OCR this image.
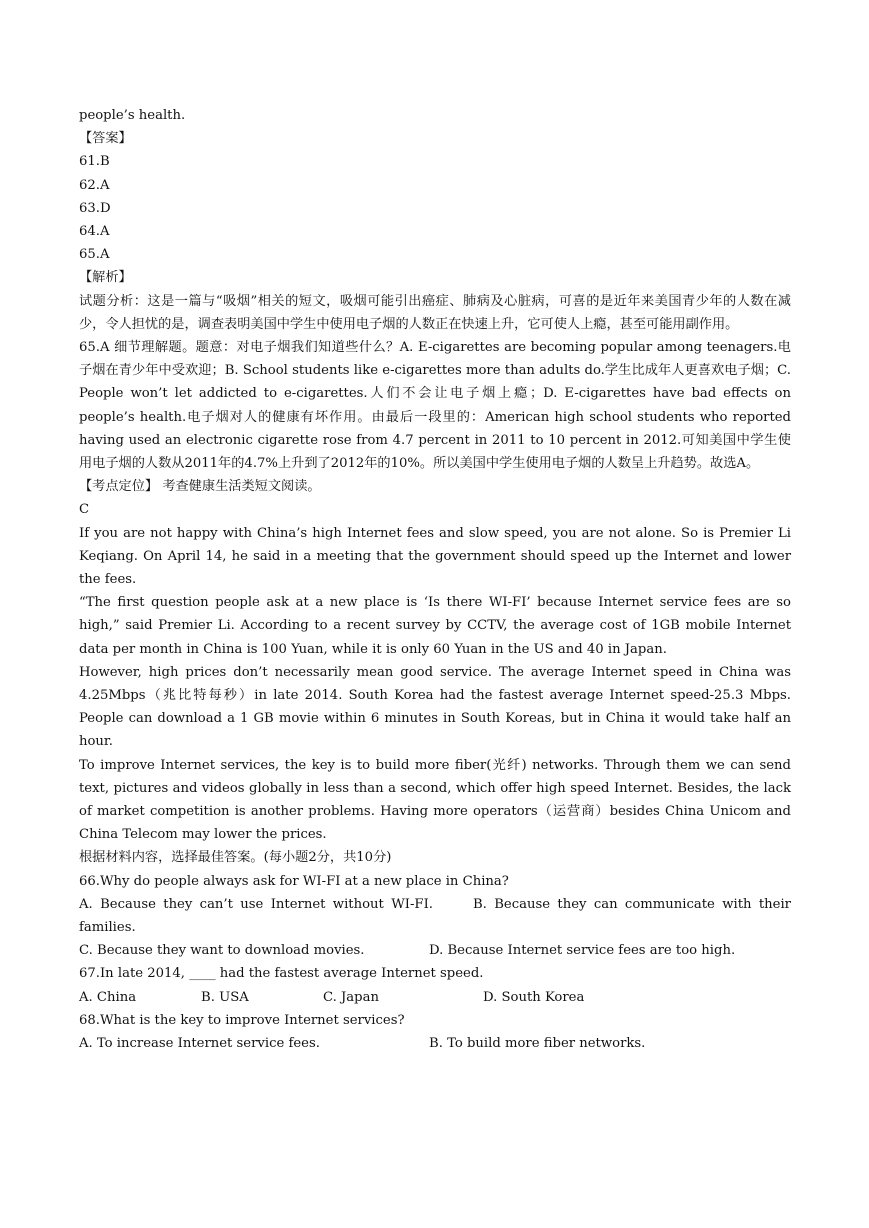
people’s health.
【答案】
61.B
62.A
63.D
64.A
65.A
【解析】
试题分析：这是一篇与“吸烟”相关的短文，吸烟可能引出癌症、肺病及心脏病，可喜的是近年来美国青少年的人数在减少，令人担忧的是，调查表明美国中学生中使用电子烟的人数正在快速上升，它可使人上瘾，甚至可能用副作用。
65.A 细节理解题。题意：对电子烟我们知道些什么？A. E-cigarettes are becoming popular among teenagers.电子烟在青少年中受欢迎；B. School students like e-cigarettes more than adults do.学生比成年人更喜欢电子烟；C. People won’t let addicted to e-cigarettes.人们不会让电子烟上瘾；D. E-cigarettes have bad effects on people’s health.电子烟对人的健康有坏作用。由最后一段里的：American high school students who reported having used an electronic cigarette rose from 4.7 percent in 2011 to 10 percent in 2012.可知美国中学生使用电子烟的人数从2011年的4.7%上升到了2012年的10%。所以美国中学生使用电子烟的人数呈上升趋势。故选A。
【考点定位】 考查健康生活类短文阅读。
C
If you are not happy with China’s high Internet fees and slow speed, you are not alone. So is Premier Li Keqiang. On April 14, he said in a meeting that the government should speed up the Internet and lower the fees.
“The first question people ask at a new place is ‘Is there WI-FI’ because Internet service fees are so high,” said Premier Li. According to a recent survey by CCTV, the average cost of 1GB mobile Internet data per month in China is 100 Yuan, while it is only 60 Yuan in the US and 40 in Japan.
However, high prices don’t necessarily mean good service. The average Internet speed in China was 4.25Mbps（兆比特每秒）in late 2014. South Korea had the fastest average Internet speed-25.3 Mbps. People can download a 1 GB movie within 6 minutes in South Koreas, but in China it would take half an hour.
To improve Internet services, the key is to build more fiber(光纤) networks. Through them we can send text, pictures and videos globally in less than a second, which offer high speed Internet. Besides, the lack of market competition is another problems. Having more operators（运营商）besides China Unicom and China Telecom may lower the prices.
根据材料内容，选择最佳答案。(每小题2分，共10分)
66.Why do people always ask for WI-FI at a new place in China?
A. Because they can’t use Internet without WI-FI.	B. Because they can communicate with their families.
C. Because they want to download movies.	D. Because Internet service fees are too high.
67.In late 2014, ____ had the fastest average Internet speed.
A. China	B. USA	C. Japan	D. South Korea
68.What is the key to improve Internet services?
A. To increase Internet service fees.	B. To build more fiber networks.
